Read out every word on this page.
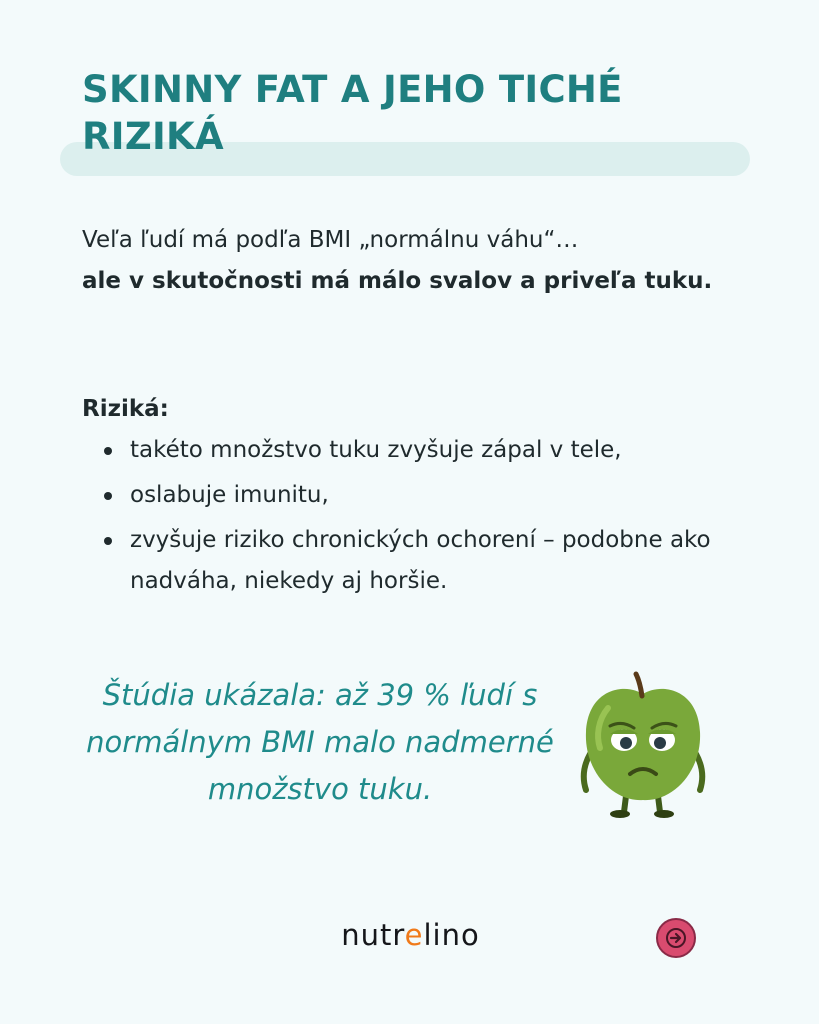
SKINNY FAT A JEHO TICHÉ RIZIKÁ

Veľa ľudí má podľa BMI „normálnu váhu“…

ale v skutočnosti má málo svalov a priveľa tuku.

Riziká:
takéto množstvo tuku zvyšuje zápal v tele,
oslabuje imunitu,
zvyšuje riziko chronických ochorení – podobne ako nadváha, niekedy aj horšie.
Štúdia ukázala: až 39 % ľudí s normálnym BMI malo nadmerné množstvo tuku.
nutrelino
